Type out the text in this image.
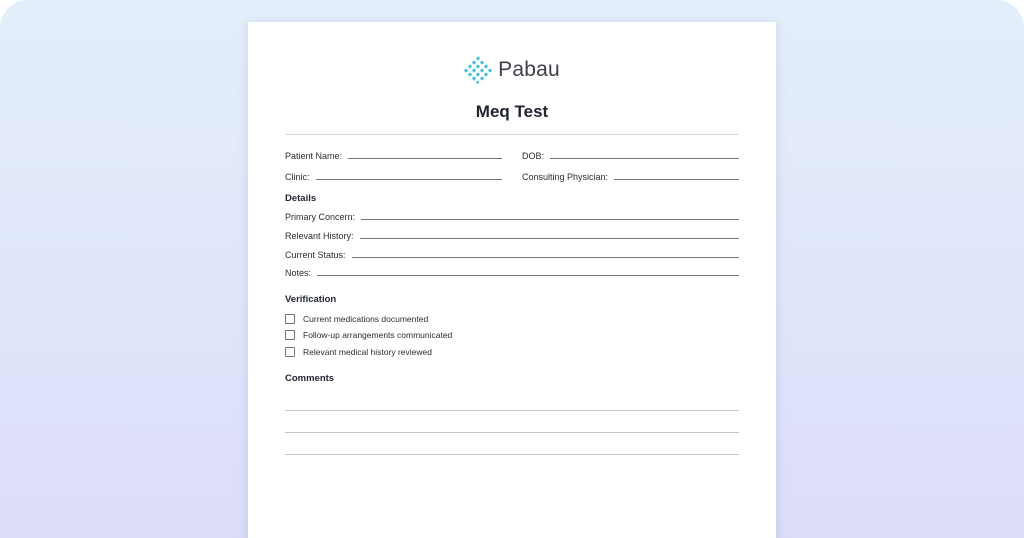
Pabau
Meq Test
Patient Name:	DOB:
Clinic:	Consulting Physician:
Details
Primary Concern:
Relevant History:
Current Status:
Notes:
Verification
Current medications documented
Follow-up arrangements communicated
Relevant medical history reviewed
Comments
